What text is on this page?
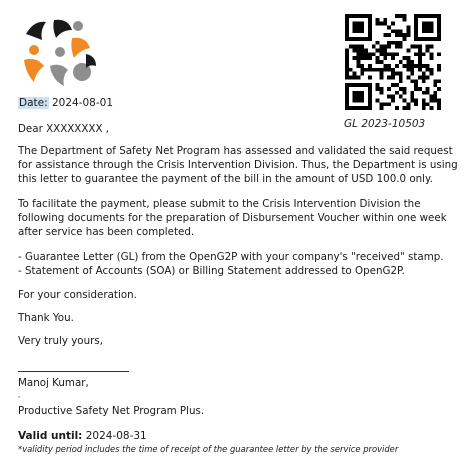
GL 2023-10503
Date: 2024-08-01

Dear XXXXXXXX ,

The Department of Safety Net Program has assessed and validated the said request for assistance through the Crisis Intervention Division. Thus, the Department is using this letter to guarantee the payment of the bill in the amount of USD 100.0 only.

To facilitate the payment, please submit to the Crisis Intervention Division the following documents for the preparation of Disbursement Voucher within one week after service has been completed.

- Guarantee Letter (GL) from the OpenG2P with your company's "received" stamp.
- Statement of Accounts (SOA) or Billing Statement addressed to OpenG2P.

For your consideration.

Thank You.

Very truly yours,

Manoj Kumar,

,

Productive Safety Net Program Plus.

Valid until: 2024-08-31

*validity period includes the time of receipt of the guarantee letter by the service provider
